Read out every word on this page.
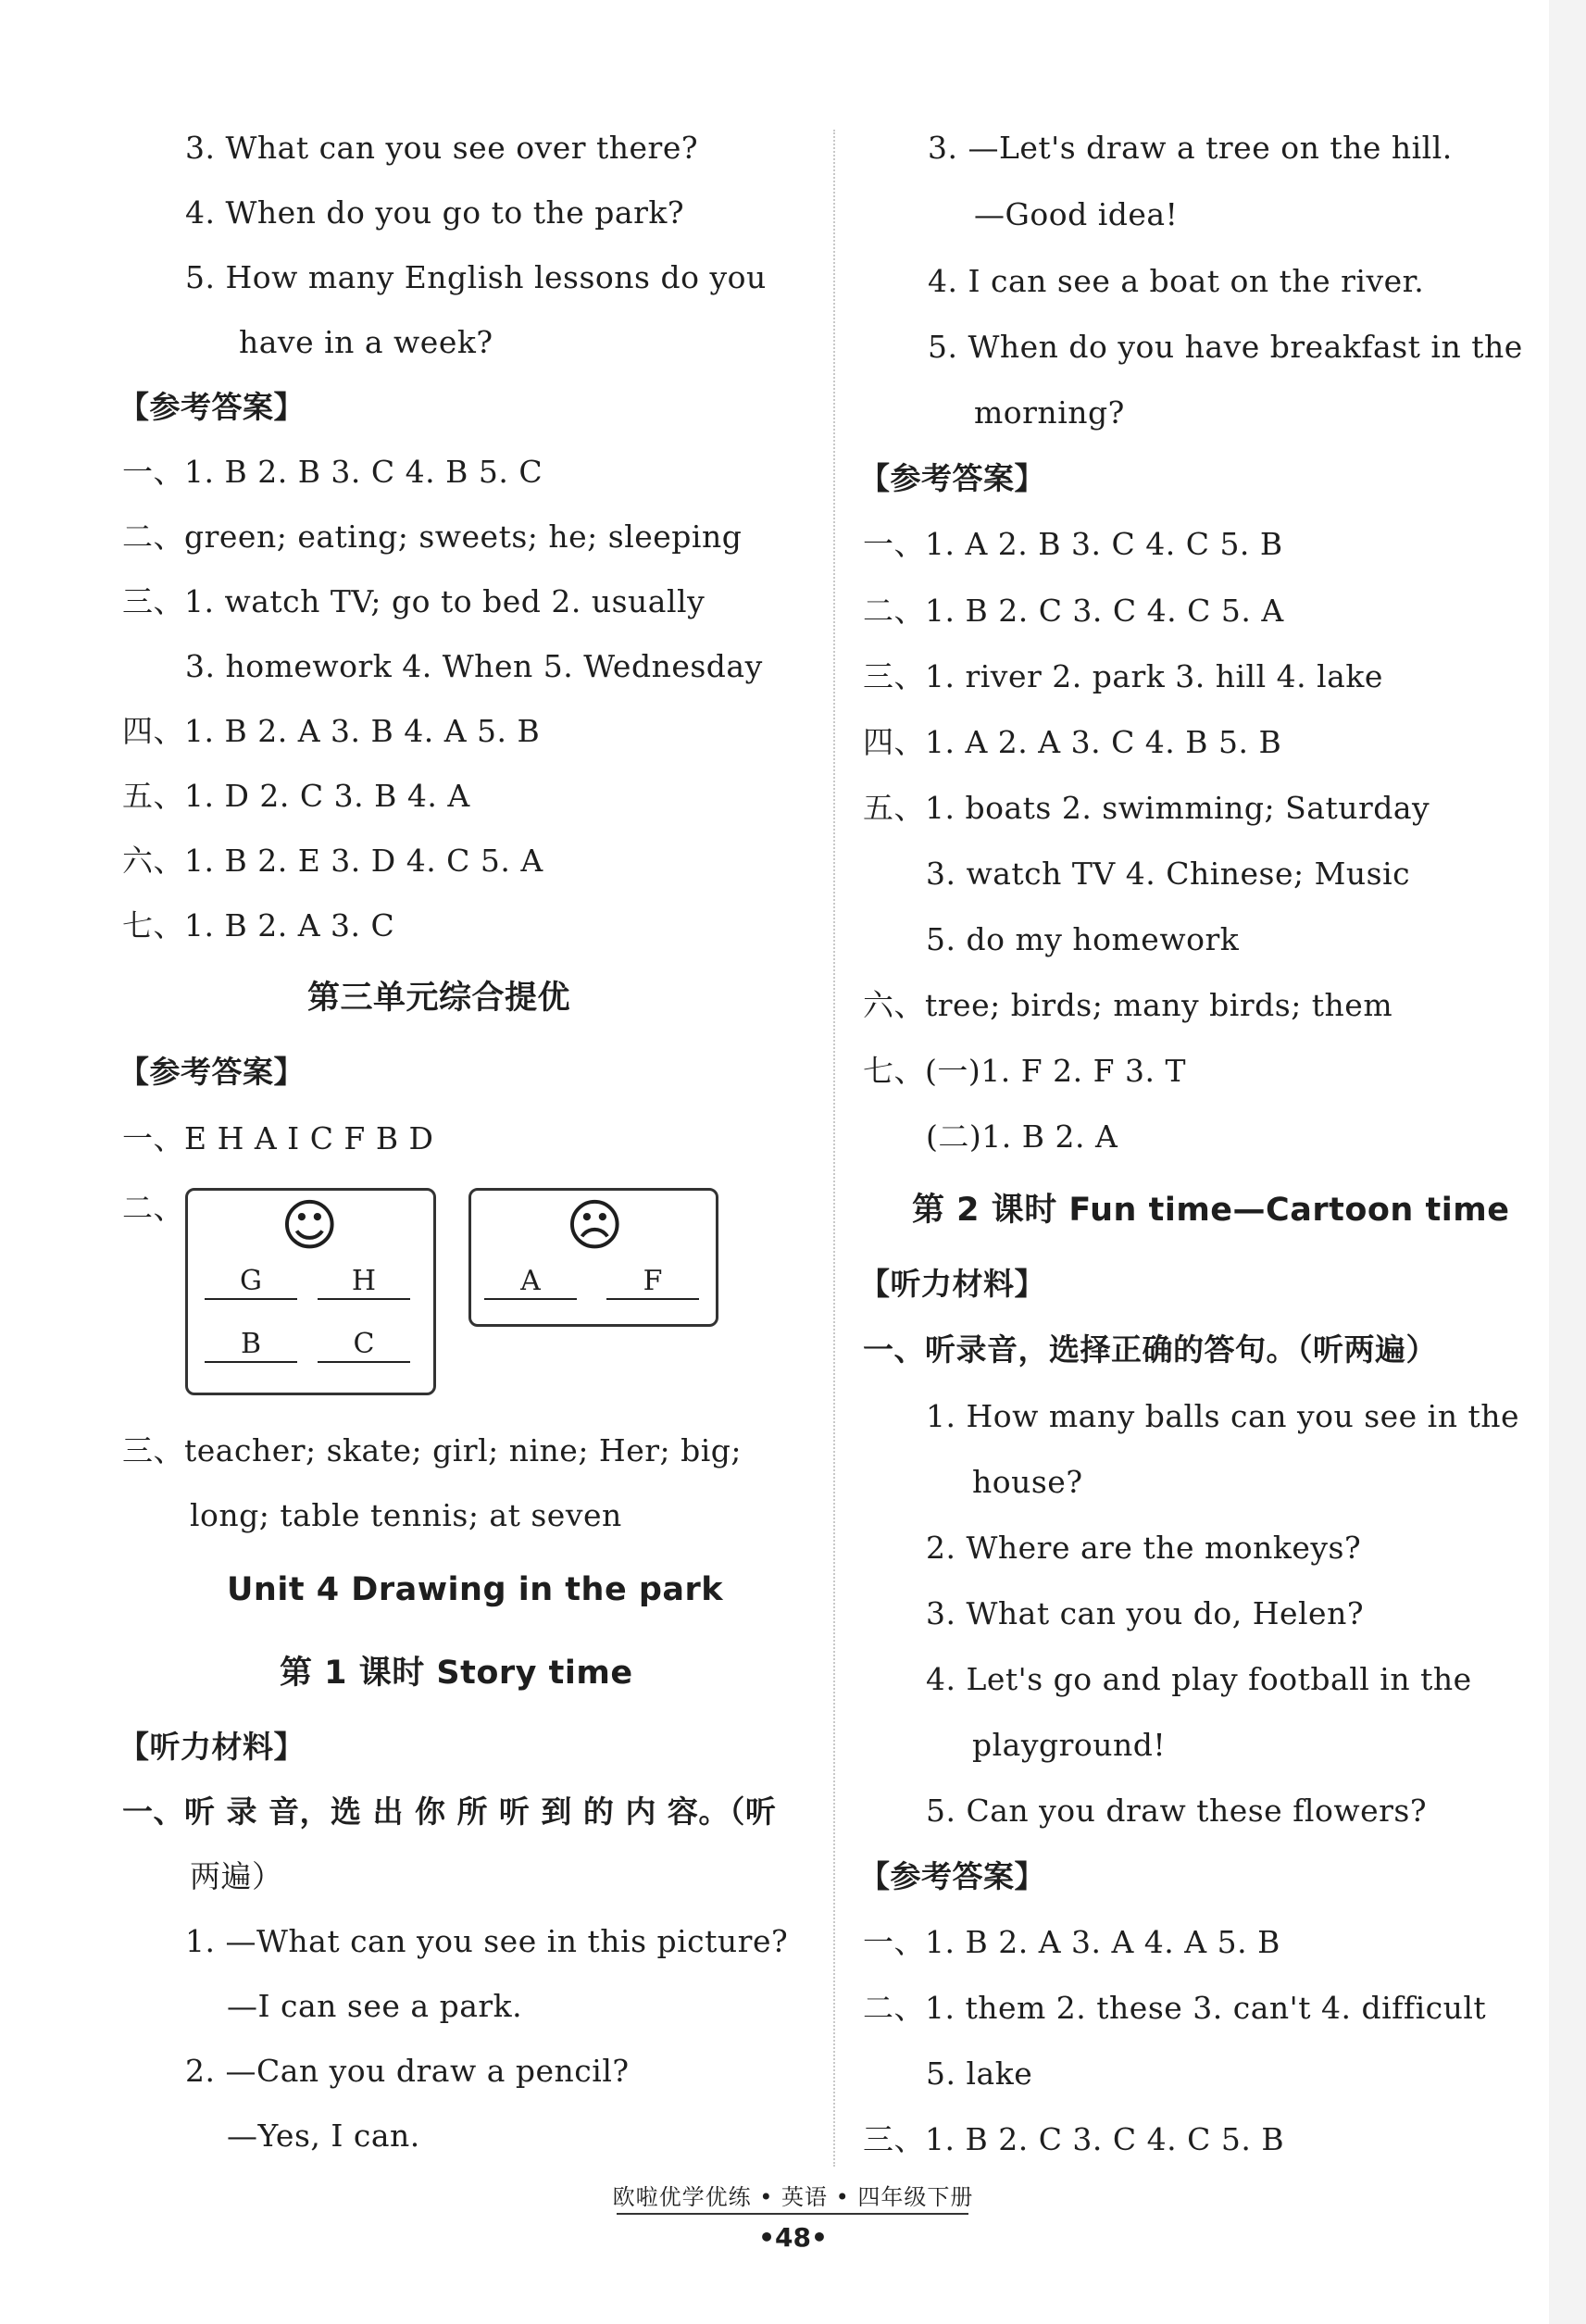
3. What can you see over there?
4. When do you go to the park?
5. How many English lessons do you
have in a week?
【参考答案】
一、1. B 2. B 3. C 4. B 5. C
二、green; eating; sweets; he; sleeping
三、1. watch TV; go to bed 2. usually
3. homework 4. When 5. Wednesday
四、1. B 2. A 3. B 4. A 5. B
五、1. D 2. C 3. B 4. A
六、1. B 2. E 3. D 4. C 5. A
七、1. B 2. A 3. C
第三单元综合提优
【参考答案】
一、E H A I C F B D
二、 ☺
G	H
B	C
☹
A	F
三、teacher; skate; girl; nine; Her; big;
long; table tennis; at seven
Unit 4 Drawing in the park
第 1 课时 Story time
【听力材料】
一、听 录 音，选 出 你 所 听 到 的 内 容。（听
两遍）
1. —What can you see in this picture?
—I can see a park.
2. —Can you draw a pencil?
—Yes, I can.
3. —Let's draw a tree on the hill.
—Good idea!
4. I can see a boat on the river.
5. When do you have breakfast in the
morning?
【参考答案】
一、1. A 2. B 3. C 4. C 5. B
二、1. B 2. C 3. C 4. C 5. A
三、1. river 2. park 3. hill 4. lake
四、1. A 2. A 3. C 4. B 5. B
五、1. boats 2. swimming; Saturday
3. watch TV 4. Chinese; Music
5. do my homework
六、tree; birds; many birds; them
七、(一)1. F 2. F 3. T
(二)1. B 2. A
第 2 课时 Fun time—Cartoon time
【听力材料】
一、听录音，选择正确的答句。（听两遍）
1. How many balls can you see in the
house?
2. Where are the monkeys?
3. What can you do, Helen?
4. Let's go and play football in the
playground!
5. Can you draw these flowers?
【参考答案】
一、1. B 2. A 3. A 4. A 5. B
二、1. them 2. these 3. can't 4. difficult
5. lake
三、1. B 2. C 3. C 4. C 5. B
欧啦优学优练 • 英语 • 四年级下册
•48•
